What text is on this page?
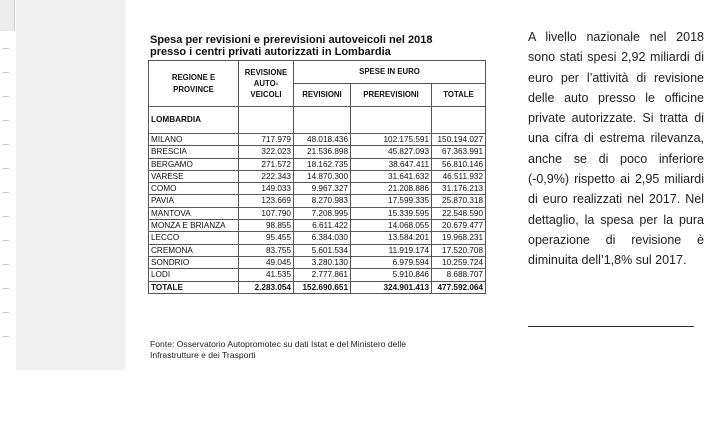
Spesa per revisioni e prerevisioni autoveicoli nel 2018
presso i centri privati autorizzati in Lombardia
REGIONE E PROVINCE	REVISIONE AUTO-VEICOLI	SPESE IN EURO		
		REVISIONI	PREREVISIONI	TOTALE
LOMBARDIA				
MILANO	717.979	48.018.436	102.175.591	150.194.027
BRESCIA	322.023	21.536.898	45.827.093	67.363.991
BERGAMO	271.572	18.162.735	38.647.411	56.810.146
VARESE	222.343	14.870.300	31.641.632	46.511.932
COMO	149.033	9.967.327	21.208.886	31.176.213
PAVIA	123.669	8.270.983	17.599.335	25.870.318
MANTOVA	107.790	7.208.995	15.339.595	22.548.590
MONZA E BRIANZA	98.855	6.611.422	14.068.055	20.679.477
LECCO	95.455	6.384.030	13.584.201	19.968.231
CREMONA	83.755	5.601.534	11.919.174	17.520.708
SONDRIO	49.045	3.280.130	6.979.594	10.259.724
LODI	41.535	2.777.861	5.910.846	8.688.707
TOTALE	2.283.054	152.690.651	324.901.413	477.592.064
Fonte: Osservatorio Autopromotec su dati Istat e del Ministero delle
Infrastrutture e dei Trasporti
A livello nazionale nel 2018 sono stati spesi 2,92 miliardi di euro per l’attività di revisione delle auto presso le officine private autorizzate. Si tratta di una cifra di estrema rilevanza, anche se di poco inferiore (-0,9%) rispetto ai 2,95 miliardi di euro realizzati nel 2017. Nel dettaglio, la spesa per la pura operazione di revisione è diminuita dell’1,8% sul 2017.
